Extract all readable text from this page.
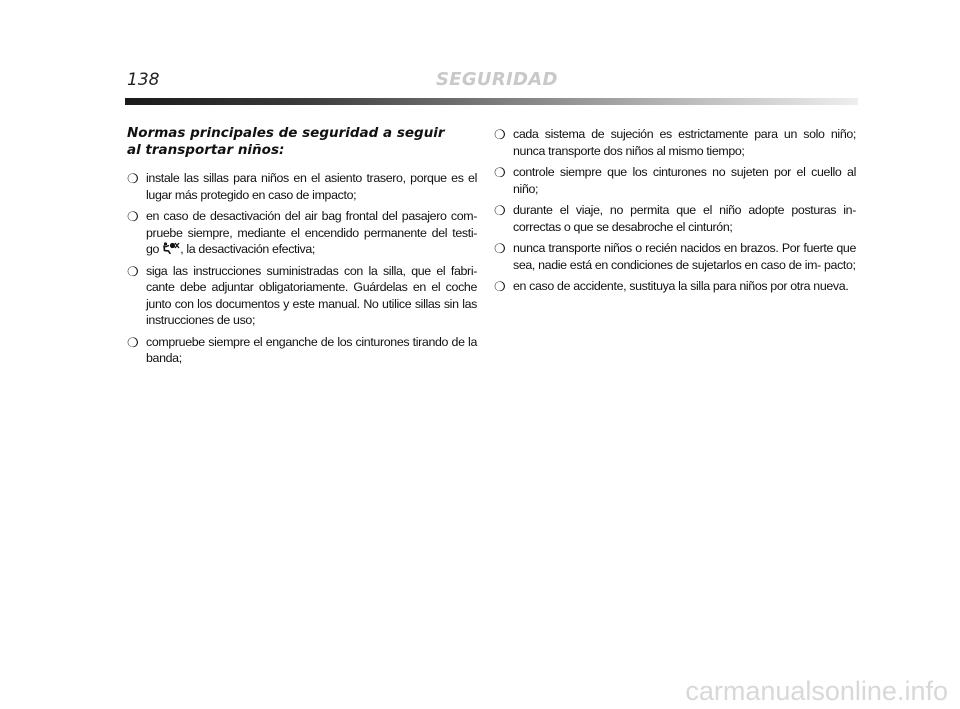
138	SEGURIDAD
Normas principales de seguridad a seguir
al transportar niños:
❍ instale las sillas para niños en el asiento trasero, porque es el lugar más protegido en caso de impacto;
❍ en caso de desactivación del air bag frontal del pasajero com- pruebe siempre, mediante el encendido permanente del testi- go , la desactivación efectiva;
❍ siga las instrucciones suministradas con la silla, que el fabri- cante debe adjuntar obligatoriamente. Guárdelas en el coche junto con los documentos y este manual. No utilice sillas sin las instrucciones de uso;
❍ compruebe siempre el enganche de los cinturones tirando de la banda;
❍ cada sistema de sujeción es estrictamente para un solo niño; nunca transporte dos niños al mismo tiempo;
❍ controle siempre que los cinturones no sujeten por el cuello al niño;
❍ durante el viaje, no permita que el niño adopte posturas in- correctas o que se desabroche el cinturón;
❍ nunca transporte niños o recién nacidos en brazos. Por fuerte que sea, nadie está en condiciones de sujetarlos en caso de im- pacto;
❍ en caso de accidente, sustituya la silla para niños por otra nueva.
carmanualsonline.info
